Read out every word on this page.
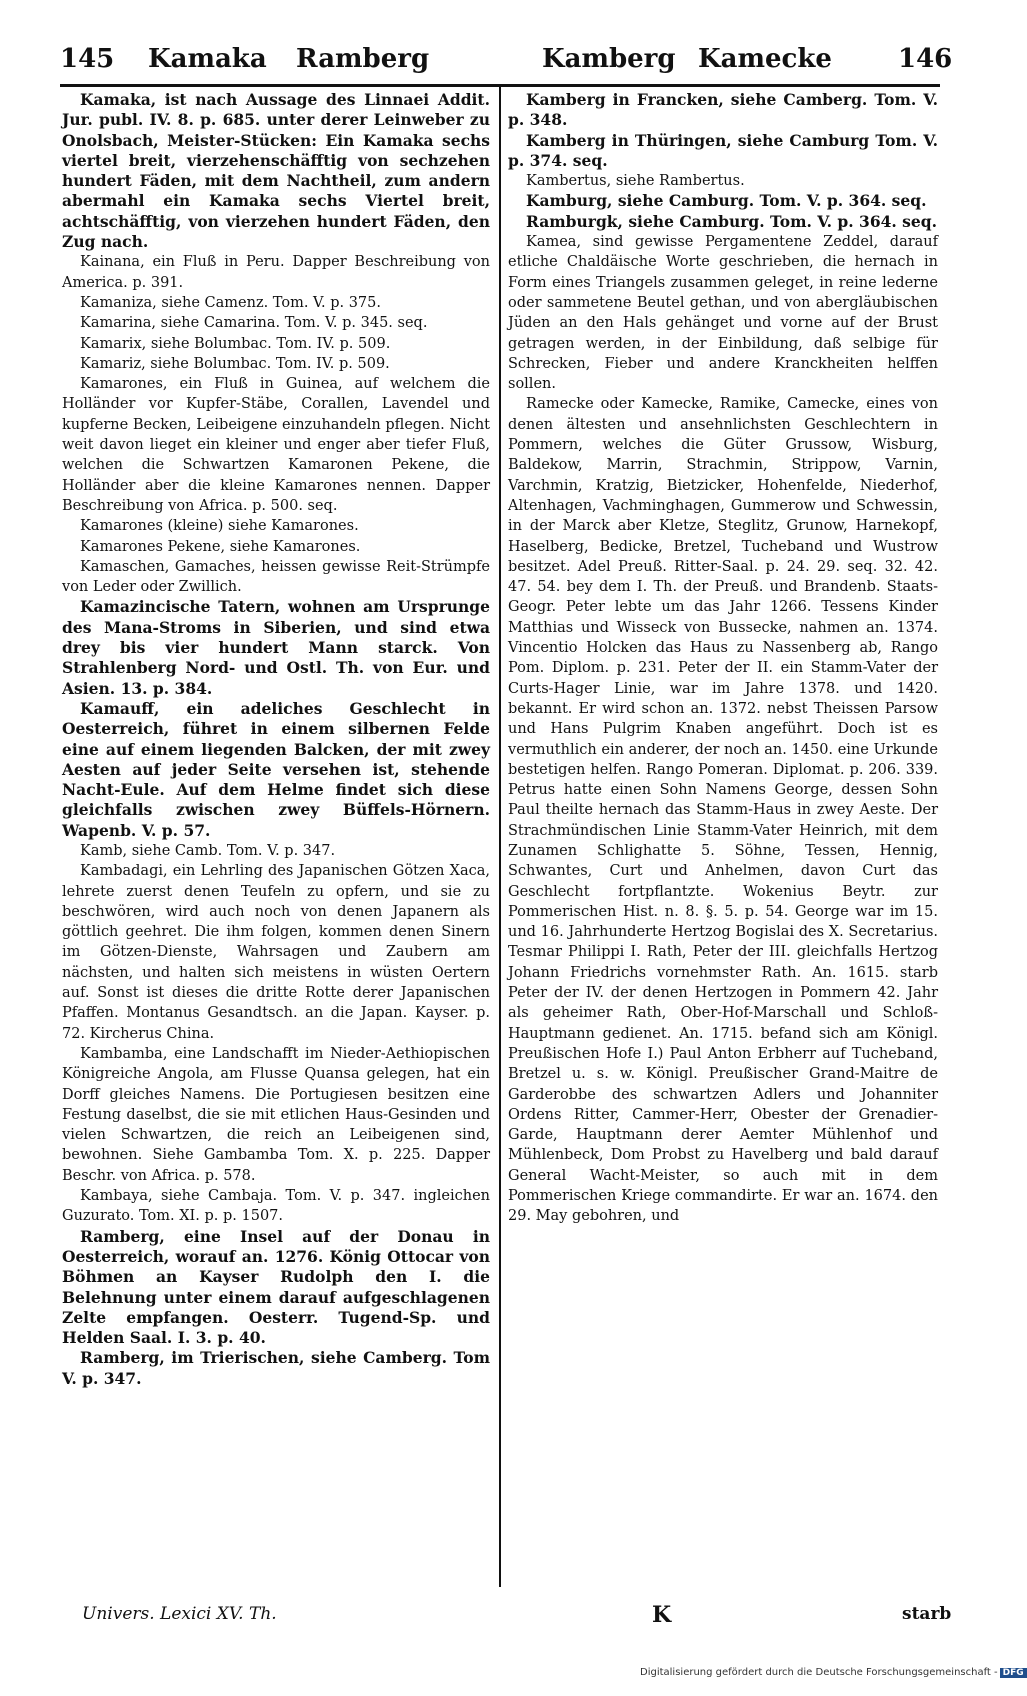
145 Kamaka Ramberg	Kamberg Kamecke	146

Kamaka, ist nach Aussage des Linnaei Addit. Jur. publ. IV. 8. p. 685. unter derer Leinweber zu Onolsbach, Meister-Stücken: Ein Kamaka sechs viertel breit, vierzehenschäfftig von sechzehen hundert Fäden, mit dem Nachtheil, zum andern abermahl ein Kamaka sechs Viertel breit, achtschäfftig, von vierzehen hundert Fäden, den Zug nach.

Kainana, ein Fluß in Peru. Dapper Beschreibung von America. p. 391.

Kamaniza, siehe Camenz. Tom. V. p. 375.

Kamarina, siehe Camarina. Tom. V. p. 345. seq.

Kamarix, siehe Bolumbac. Tom. IV. p. 509.

Kamariz, siehe Bolumbac. Tom. IV. p. 509.

Kamarones, ein Fluß in Guinea, auf welchem die Holländer vor Kupfer-Stäbe, Corallen, Lavendel und kupferne Becken, Leibeigene einzuhandeln pflegen. Nicht weit davon lieget ein kleiner und enger aber tiefer Fluß, welchen die Schwartzen Kamaronen Pekene, die Holländer aber die kleine Kamarones nennen. Dapper Beschreibung von Africa. p. 500. seq.

Kamarones (kleine) siehe Kamarones.

Kamarones Pekene, siehe Kamarones.

Kamaschen, Gamaches, heissen gewisse Reit-Strümpfe von Leder oder Zwillich.

Kamazincische Tatern, wohnen am Ursprunge des Mana-Stroms in Siberien, und sind etwa drey bis vier hundert Mann starck. Von Strahlenberg Nord- und Ostl. Th. von Eur. und Asien. 13. p. 384.

Kamauff, ein adeliches Geschlecht in Oesterreich, führet in einem silbernen Felde eine auf einem liegenden Balcken, der mit zwey Aesten auf jeder Seite versehen ist, stehende Nacht-Eule. Auf dem Helme findet sich diese gleichfalls zwischen zwey Büffels-Hörnern. Wapenb. V. p. 57.

Kamb, siehe Camb. Tom. V. p. 347.

Kambadagi, ein Lehrling des Japanischen Götzen Xaca, lehrete zuerst denen Teufeln zu opfern, und sie zu beschwören, wird auch noch von denen Japanern als göttlich geehret. Die ihm folgen, kommen denen Sinern im Götzen-Dienste, Wahrsagen und Zaubern am nächsten, und halten sich meistens in wüsten Oertern auf. Sonst ist dieses die dritte Rotte derer Japanischen Pfaffen. Montanus Gesandtsch. an die Japan. Kayser. p. 72. Kircherus China.

Kambamba, eine Landschafft im Nieder-Aethiopischen Königreiche Angola, am Flusse Quansa gelegen, hat ein Dorff gleiches Namens. Die Portugiesen besitzen eine Festung daselbst, die sie mit etlichen Haus-Gesinden und vielen Schwartzen, die reich an Leibeigenen sind, bewohnen. Siehe Gambamba Tom. X. p. 225. Dapper Beschr. von Africa. p. 578.

Kambaya, siehe Cambaja. Tom. V. p. 347. ingleichen Guzurato. Tom. XI. p. p. 1507.

Ramberg, eine Insel auf der Donau in Oesterreich, worauf an. 1276. König Ottocar von Böhmen an Kayser Rudolph den I. die Belehnung unter einem darauf aufgeschlagenen Zelte empfangen. Oesterr. Tugend-Sp. und Helden Saal. I. 3. p. 40.

Ramberg, im Trierischen, siehe Camberg. Tom V. p. 347.

Kamberg in Francken, siehe Camberg. Tom. V. p. 348.

Kamberg in Thüringen, siehe Camburg Tom. V. p. 374. seq.

Kambertus, siehe Rambertus.

Kamburg, siehe Camburg. Tom. V. p. 364. seq.

Ramburgk, siehe Camburg. Tom. V. p. 364. seq.

Kamea, sind gewisse Pergamentene Zeddel, darauf etliche Chaldäische Worte geschrieben, die hernach in Form eines Triangels zusammen geleget, in reine lederne oder sammetene Beutel gethan, und von abergläubischen Jüden an den Hals gehänget und vorne auf der Brust getragen werden, in der Einbildung, daß selbige für Schrecken, Fieber und andere Kranckheiten helffen sollen.

Ramecke oder Kamecke, Ramike, Camecke, eines von denen ältesten und ansehnlichsten Geschlechtern in Pommern, welches die Güter Grussow, Wisburg, Baldekow, Marrin, Strachmin, Strippow, Varnin, Varchmin, Kratzig, Bietzicker, Hohenfelde, Niederhof, Altenhagen, Vachminghagen, Gummerow und Schwessin, in der Marck aber Kletze, Steglitz, Grunow, Harnekopf, Haselberg, Bedicke, Bretzel, Tucheband und Wustrow besitzet. Adel Preuß. Ritter-Saal. p. 24. 29. seq. 32. 42. 47. 54. bey dem I. Th. der Preuß. und Brandenb. Staats-Geogr. Peter lebte um das Jahr 1266. Tessens Kinder Matthias und Wisseck von Bussecke, nahmen an. 1374. Vincentio Holcken das Haus zu Nassenberg ab, Rango Pom. Diplom. p. 231. Peter der II. ein Stamm-Vater der Curts-Hager Linie, war im Jahre 1378. und 1420. bekannt. Er wird schon an. 1372. nebst Theissen Parsow und Hans Pulgrim Knaben angeführt. Doch ist es vermuthlich ein anderer, der noch an. 1450. eine Urkunde bestetigen helfen. Rango Pomeran. Diplomat. p. 206. 339. Petrus hatte einen Sohn Namens George, dessen Sohn Paul theilte hernach das Stamm-Haus in zwey Aeste. Der Strachmündischen Linie Stamm-Vater Heinrich, mit dem Zunamen Schlighatte 5. Söhne, Tessen, Hennig, Schwantes, Curt und Anhelmen, davon Curt das Geschlecht fortpflantzte. Wokenius Beytr. zur Pommerischen Hist. n. 8. §. 5. p. 54. George war im 15. und 16. Jahrhunderte Hertzog Bogislai des X. Secretarius. Tesmar Philippi I. Rath, Peter der III. gleichfalls Hertzog Johann Friedrichs vornehmster Rath. An. 1615. starb Peter der IV. der denen Hertzogen in Pommern 42. Jahr als geheimer Rath, Ober-Hof-Marschall und Schloß-Hauptmann gedienet. An. 1715. befand sich am Königl. Preußischen Hofe I.) Paul Anton Erbherr auf Tucheband, Bretzel u. s. w. Königl. Preußischer Grand-Maitre de Garderobbe des schwartzen Adlers und Johanniter Ordens Ritter, Cammer-Herr, Obester der Grenadier-Garde, Hauptmann derer Aemter Mühlenhof und Mühlenbeck, Dom Probst zu Havelberg und bald darauf General Wacht-Meister, so auch mit in dem Pommerischen Kriege commandirte. Er war an. 1674. den 29. May gebohren, und

Univers. Lexici XV. Th.	K	starb
Digitalisierung gefördert durch die Deutsche Forschungsgemeinschaft - DFG
